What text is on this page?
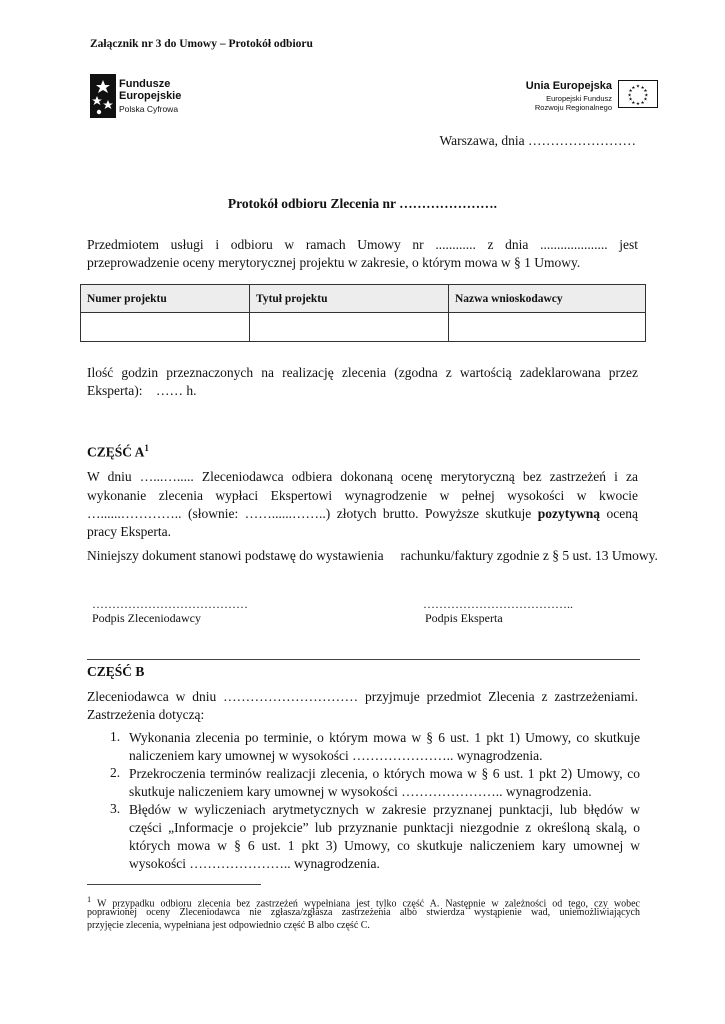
Załącznik nr 3 do Umowy – Protokół odbioru
Fundusze
Europejskie
Polska Cyfrowa
Unia Europejska
Europejski Fundusz
Rozwoju Regionalnego
★ ★
★
★
★
★
★
★
★
★
★
★
Warszawa, dnia ……………………
Protokół odbioru Zlecenia nr ………………….
Przedmiotem usługi i odbioru w ramach Umowy nr ............ z dnia .................... jest
przeprowadzenie oceny merytorycznej projektu w zakresie, o którym mowa w § 1 Umowy.
Numer projektu	Tytuł projektu	Nazwa wnioskodawcy

Ilość godzin przeznaczonych na realizację zlecenia (zgodna z wartością zadeklarowana przez
Eksperta):    …… h.
CZĘŚĆ $A^1$
W dniu …...…..... Zleceniodawca odbiera dokonaną ocenę merytoryczną bez zastrzeżeń i za
wykonanie zlecenia wypłaci Ekspertowi wynagrodzenie w pełnej wysokości w kwocie
…......………….. (słownie: ……......……..) złotych brutto. Powyższe skutkuje pozytywną oceną
pracy Eksperta.
Niniejszy dokument stanowi podstawę do wystawienia     rachunku/faktury zgodnie z § 5 ust. 13 Umowy.
…………………………………
Podpis Zleceniodawcy
………………………………..
Podpis Eksperta
CZĘŚĆ B
Zleceniodawca w dniu ………………………… przyjmuje przedmiot Zlecenia z zastrzeżeniami.
Zastrzeżenia dotyczą:
1. Wykonania zlecenia po terminie, o którym mowa w § 6 ust. 1 pkt 1) Umowy, co skutkuje
naliczeniem kary umownej w wysokości ………………….. wynagrodzenia.
2. Przekroczenia terminów realizacji zlecenia, o których mowa w § 6 ust. 1 pkt 2) Umowy, co
skutkuje naliczeniem kary umownej w wysokości ………………….. wynagrodzenia.
3. Błędów w wyliczeniach arytmetycznych w zakresie przyznanej punktacji, lub błędów w
części „Informacje o projekcie” lub przyznanie punktacji niezgodnie z określoną skalą, o
których mowa w § 6 ust. 1 pkt 3) Umowy, co skutkuje naliczeniem kary umownej w
wysokości ………………….. wynagrodzenia.
$^1$ W przypadku odbioru zlecenia bez zastrzeżeń wypełniana jest tylko część A. Następnie w zależności od tego, czy wobec
poprawionej oceny Zleceniodawca nie zgłasza/zgłasza zastrzeżenia albo stwierdza wystąpienie wad, uniemożliwiających
przyjęcie zlecenia, wypełniana jest odpowiednio część B albo część C.
